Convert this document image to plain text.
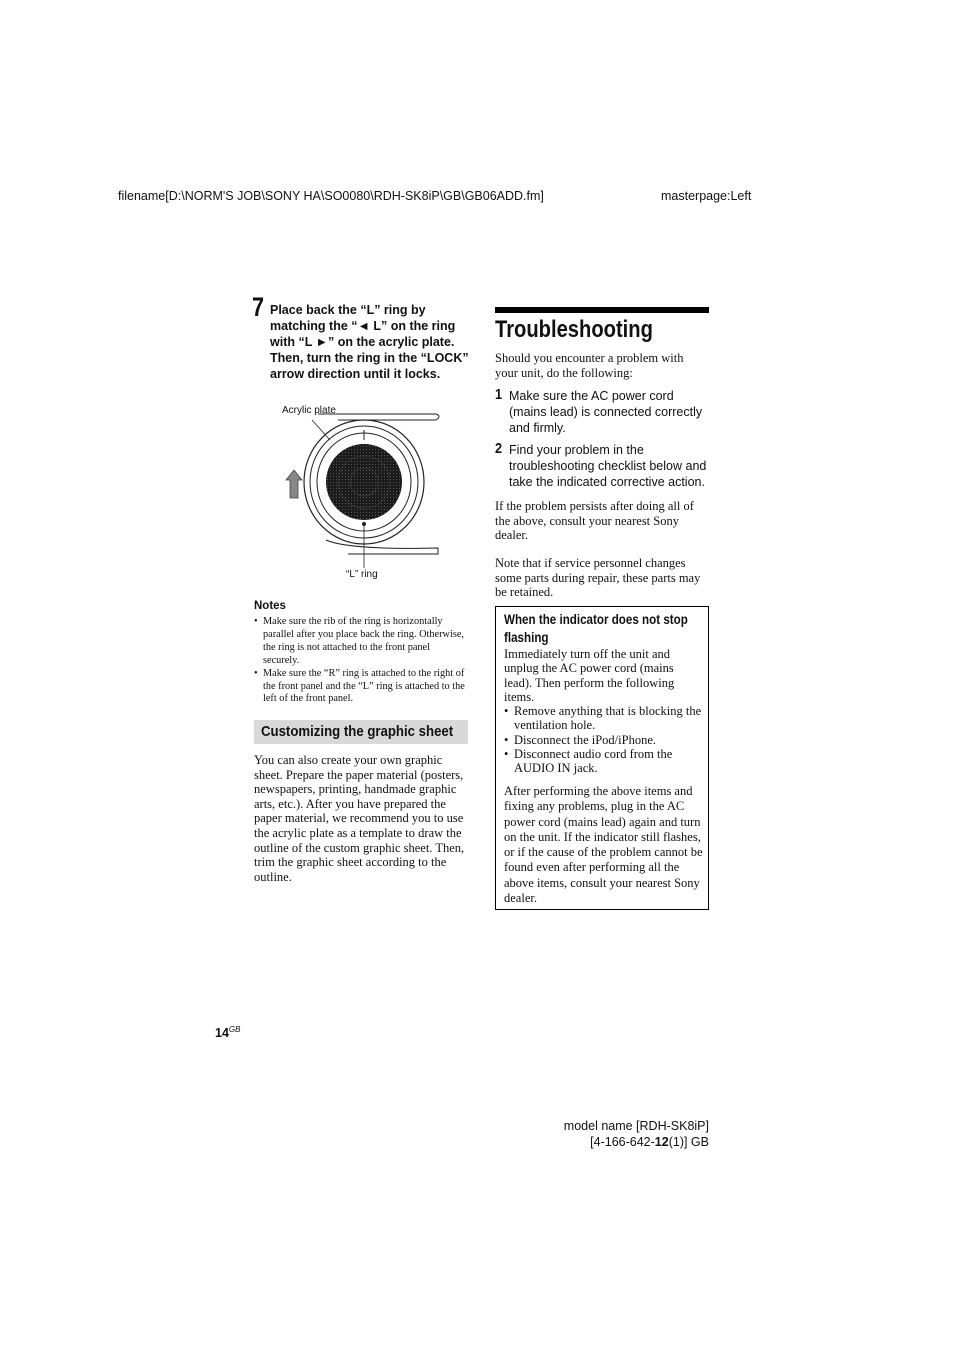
filename[D:\NORM'S JOB\SONY HA\SO0080\RDH-SK8iP\GB\GB06ADD.fm]	masterpage:Left
7 Place back the “L” ring by matching the “◄ L” on the ring with “L ►” on the acrylic plate. Then, turn the ring in the “LOCK” arrow direction until it locks.
Acrylic plate
“L” ring
Notes
• Make sure the rib of the ring is horizontally parallel after you place back the ring. Otherwise, the ring is not attached to the front panel securely.
• Make sure the “R” ring is attached to the right of the front panel and the “L” ring is attached to the left of the front panel.
Customizing the graphic sheet
You can also create your own graphic sheet. Prepare the paper material (posters, newspapers, printing, handmade graphic arts, etc.). After you have prepared the paper material, we recommend you to use the acrylic plate as a template to draw the outline of the custom graphic sheet. Then, trim the graphic sheet according to the outline.
Troubleshooting
Should you encounter a problem with your unit, do the following:
1 Make sure the AC power cord (mains lead) is connected correctly and firmly.
2 Find your problem in the troubleshooting checklist below and take the indicated corrective action.
If the problem persists after doing all of the above, consult your nearest Sony dealer.
Note that if service personnel changes some parts during repair, these parts may be retained.
When the indicator does not stop flashing
Immediately turn off the unit and unplug the AC power cord (mains lead). Then perform the following items.
• Remove anything that is blocking the ventilation hole.
• Disconnect the iPod/iPhone.
• Disconnect audio cord from the AUDIO IN jack.
After performing the above items and fixing any problems, plug in the AC power cord (mains lead) again and turn on the unit. If the indicator still flashes, or if the cause of the problem cannot be found even after performing all the above items, consult your nearest Sony dealer.
$14^{GB}$
model name [RDH-SK8iP]
[4-166-642-12(1)] GB
